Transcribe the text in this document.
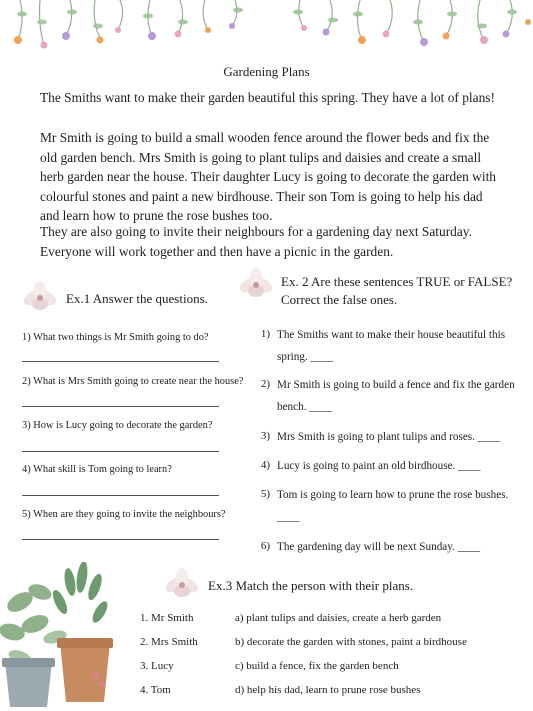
Gardening Plans

The Smiths want to make their garden beautiful this spring. They have a lot of plans!

Mr Smith is going to build a small wooden fence around the flower beds and fix the old garden bench. Mrs Smith is going to plant tulips and daisies and create a small herb garden near the house. Their daughter Lucy is going to decorate the garden with colourful stones and paint a new birdhouse. Their son Tom is going to help his dad and learn how to prune the rose bushes too.

They are also going to invite their neighbours for a gardening day next Saturday. Everyone will work together and then have a picnic in the garden.

Ex.1 Answer the questions.
1) What two things is Mr Smith going to do?
2) What is Mrs Smith going to create near the house?
3) How is Lucy going to decorate the garden?
4) What skill is Tom going to learn?
5) When are they going to invite the neighbours?
Ex. 2 Are these sentences TRUE or FALSE?
Correct the false ones.
1) The Smiths want to make their house beautiful this spring. ____
2) Mr Smith is going to build a fence and fix the garden bench. ____
3) Mrs Smith is going to plant tulips and roses. ____
4) Lucy is going to paint an old birdhouse. ____
5) Tom is going to learn how to prune the rose bushes. ____
6) The gardening day will be next Sunday. ____
Ex.3 Match the person with their plans.
1. Mr Smith	a) plant tulips and daisies, create a herb garden
2. Mrs Smith	b) decorate the garden with stones, paint a birdhouse
3. Lucy	c) build a fence, fix the garden bench
4. Tom	d) help his dad, learn to prune rose bushes
